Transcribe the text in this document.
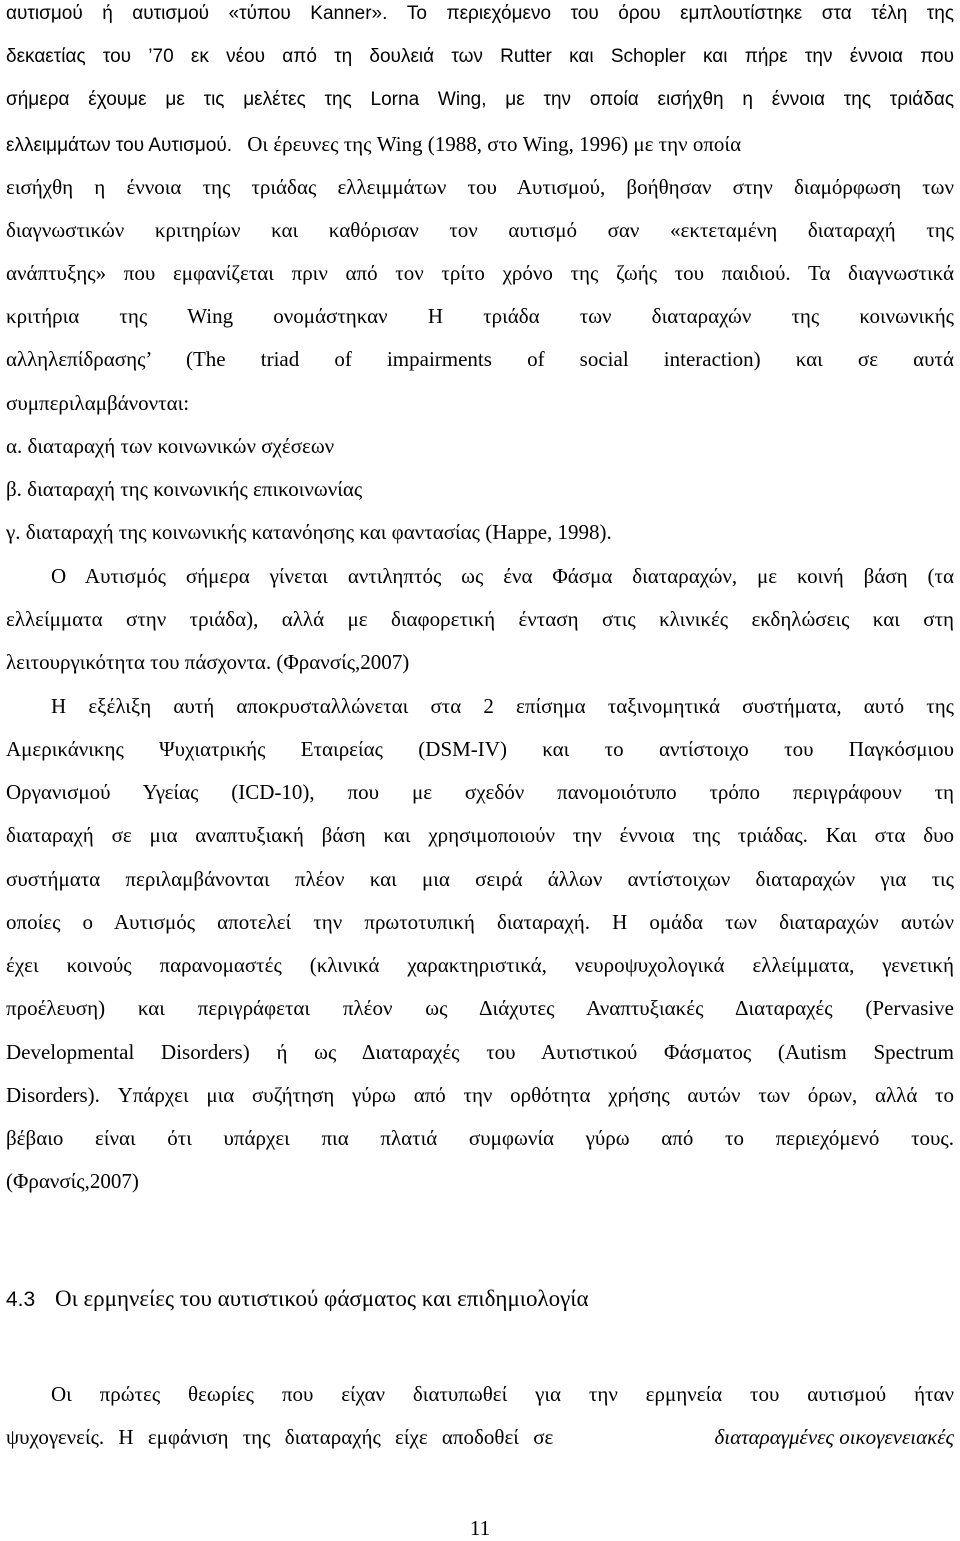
αυτισμού ή αυτισμού «τύπου Kanner». Το περιεχόμενο του όρου εμπλουτίστηκε στα τέλη της

δεκαετίας του ’70 εκ νέου από τη δουλειά των Rutter και Schopler και πήρε την έννοια που

σήμερα έχουμε με τις μελέτες της Lorna Wing, με την οποία εισήχθη η έννοια της τριάδας

ελλειμμάτων του Αυτισμού. Οι έρευνες της Wing (1988, στο Wing, 1996) με την οποία

εισήχθη η έννοια της τριάδας ελλειμμάτων του Αυτισμού, βοήθησαν στην διαμόρφωση των

διαγνωστικών κριτηρίων και καθόρισαν τον αυτισμό σαν «εκτεταμένη διαταραχή της

ανάπτυξης» που εμφανίζεται πριν από τον τρίτο χρόνο της ζωής του παιδιού. Τα διαγνωστικά

κριτήρια της Wing ονομάστηκαν Η τριάδα των διαταραχών της κοινωνικής

αλληλεπίδρασης’ (The triad of impairments of social interaction) και σε αυτά

συμπεριλαμβάνονται:

α. διαταραχή των κοινωνικών σχέσεων

β. διαταραχή της κοινωνικής επικοινωνίας

γ. διαταραχή της κοινωνικής κατανόησης και φαντασίας (Happe, 1998).

Ο Αυτισμός σήμερα γίνεται αντιληπτός ως ένα Φάσμα διαταραχών, με κοινή βάση (τα

ελλείμματα στην τριάδα), αλλά με διαφορετική ένταση στις κλινικές εκδηλώσεις και στη

λειτουργικότητα του πάσχοντα. (Φρανσίς,2007)

Η εξέλιξη αυτή αποκρυσταλλώνεται στα 2 επίσημα ταξινομητικά συστήματα, αυτό της

Αμερικάνικης Ψυχιατρικής Εταιρείας (DSM-IV) και το αντίστοιχο του Παγκόσμιου

Οργανισμού Υγείας (ICD-10), που με σχεδόν πανομοιότυπο τρόπο περιγράφουν τη

διαταραχή σε μια αναπτυξιακή βάση και χρησιμοποιούν την έννοια της τριάδας. Και στα δυο

συστήματα περιλαμβάνονται πλέον και μια σειρά άλλων αντίστοιχων διαταραχών για τις

οποίες ο Αυτισμός αποτελεί την πρωτοτυπική διαταραχή. Η ομάδα των διαταραχών αυτών

έχει κοινούς παρανομαστές (κλινικά χαρακτηριστικά, νευροψυχολογικά ελλείμματα, γενετική

προέλευση) και περιγράφεται πλέον ως Διάχυτες Αναπτυξιακές Διαταραχές (Pervasive

Developmental Disorders) ή ως Διαταραχές του Αυτιστικού Φάσματος (Autism Spectrum

Disorders). Υπάρχει μια συζήτηση γύρω από την ορθότητα χρήσης αυτών των όρων, αλλά το

βέβαιο είναι ότι υπάρχει πια πλατιά συμφωνία γύρω από το περιεχόμενό τους.

(Φρανσίς,2007)

4.3 Οι ερμηνείες του αυτιστικού φάσματος και επιδημιολογία

Οι πρώτες θεωρίες που είχαν διατυπωθεί για την ερμηνεία του αυτισμού ήταν

ψυχογενείς. Η εμφάνιση της διαταραχής είχε αποδοθεί σε	διαταραγμένες οικογενειακές

11
